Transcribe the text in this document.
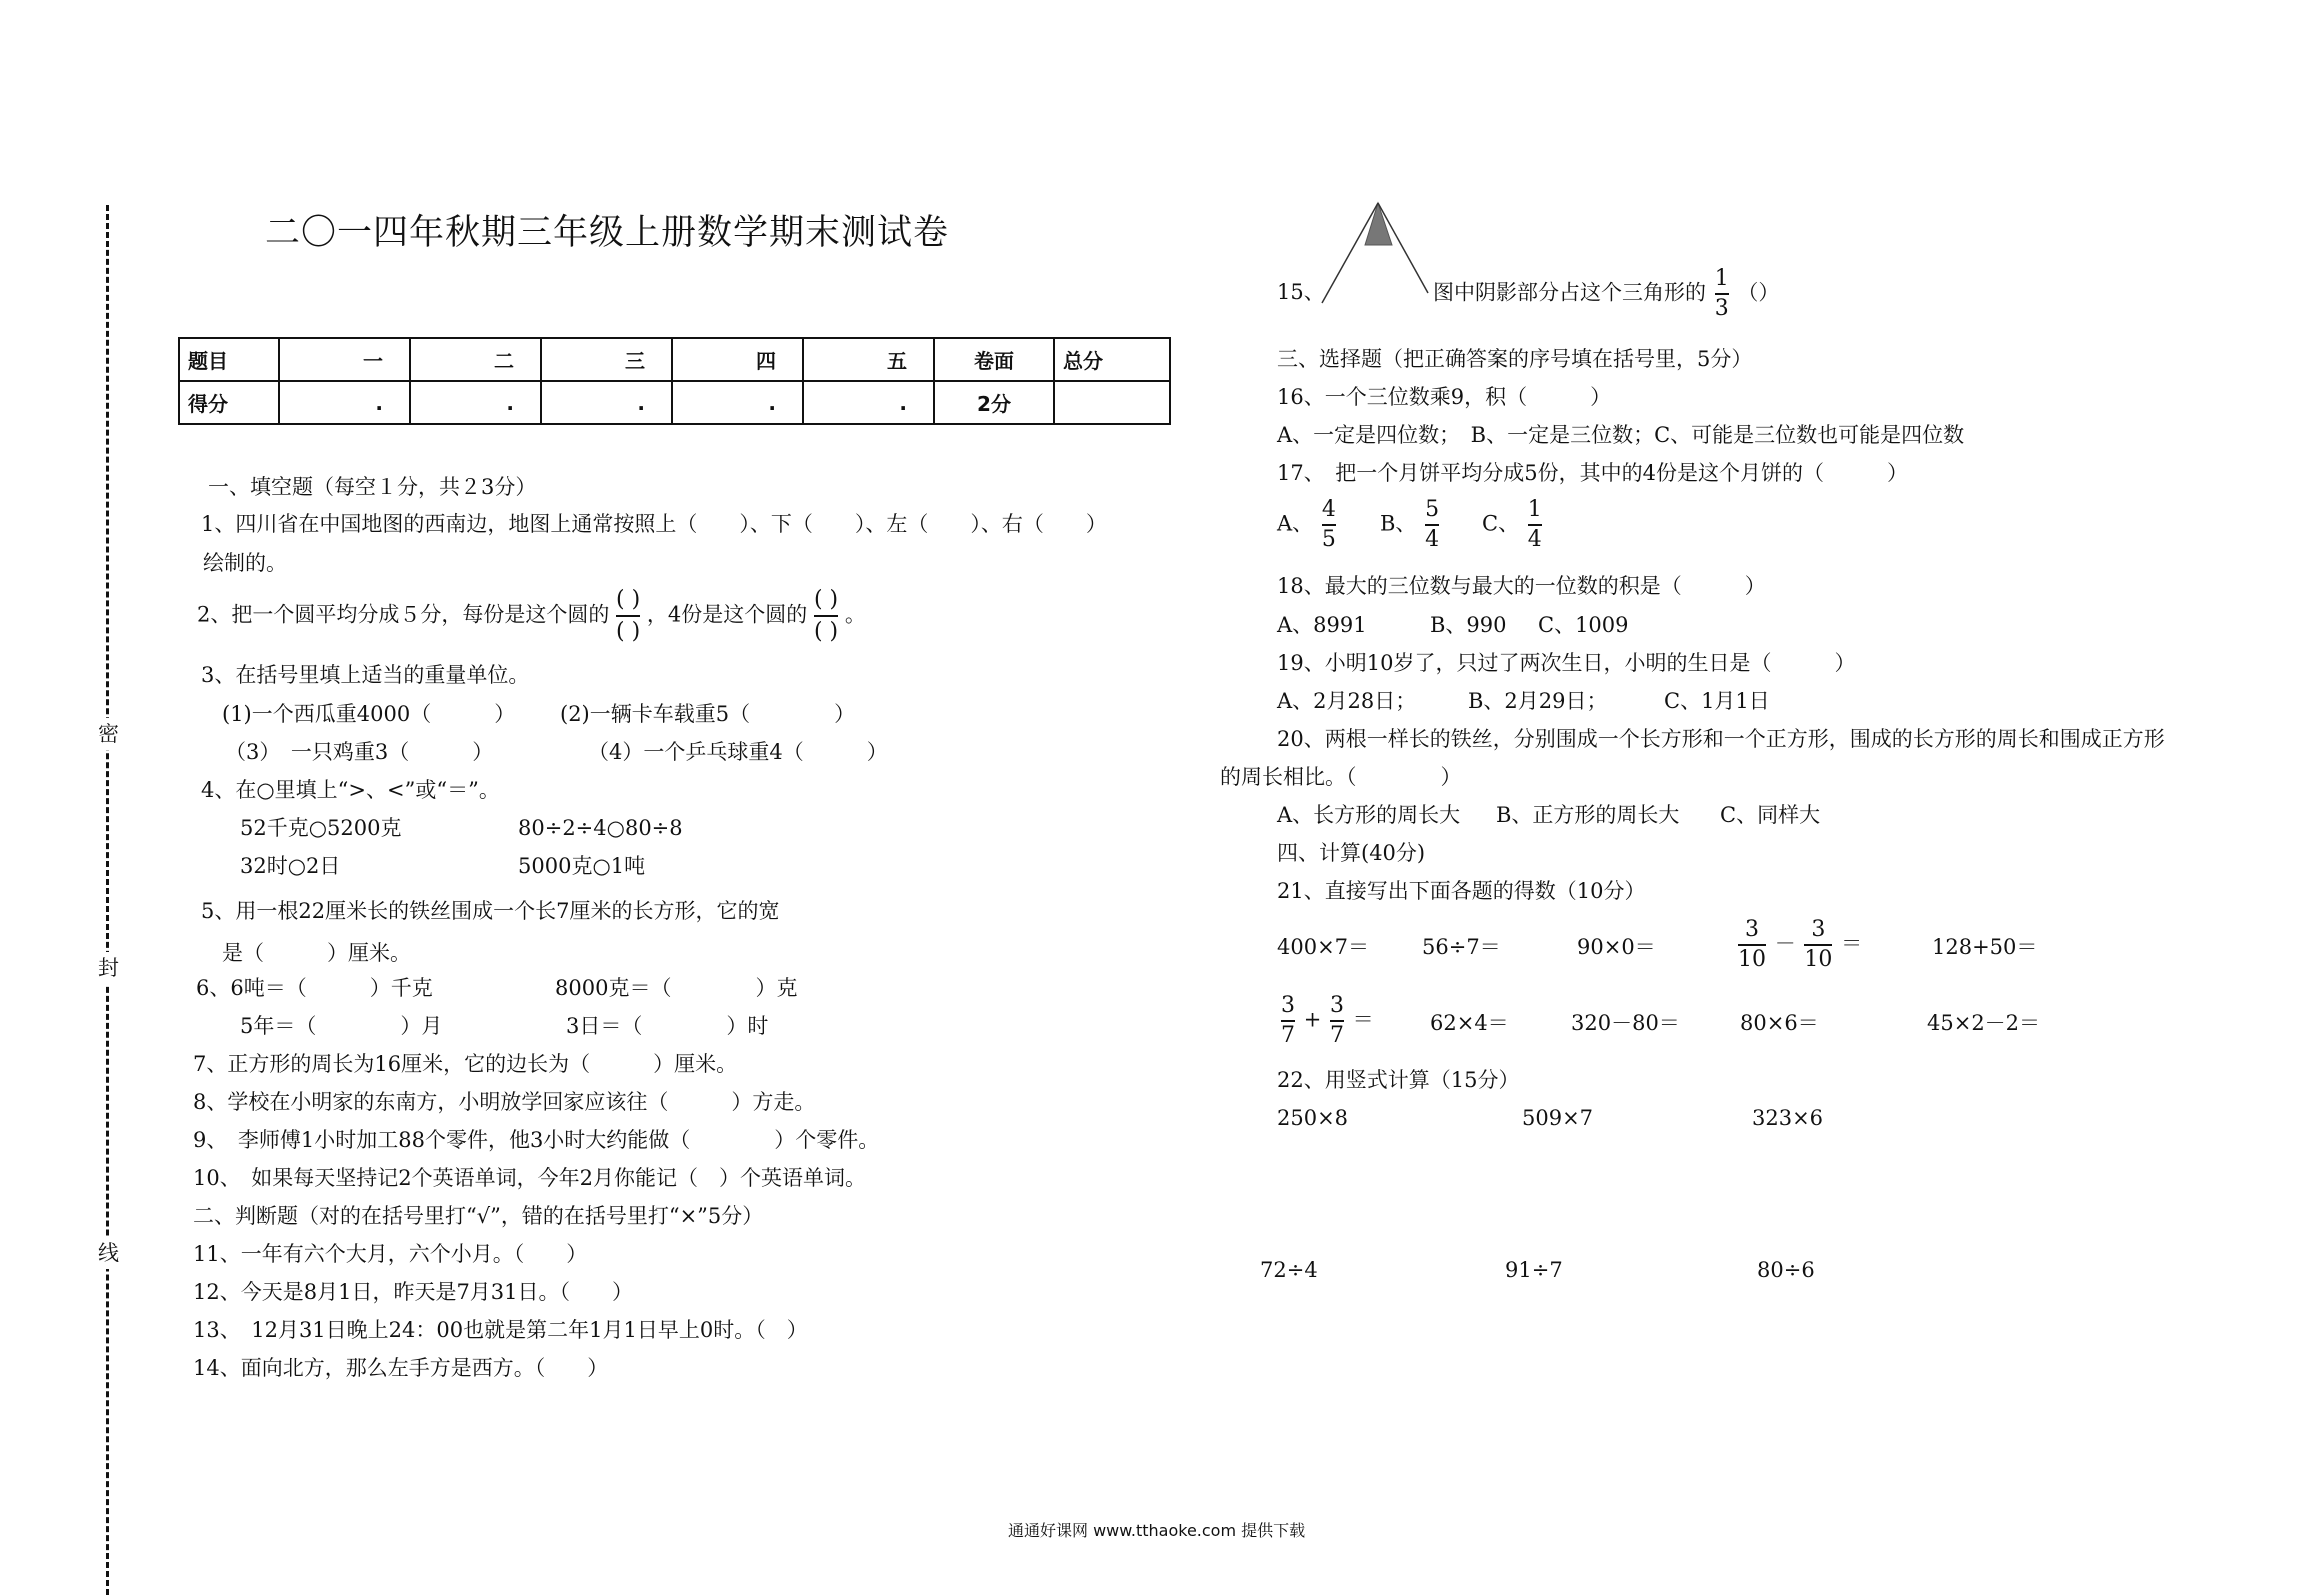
密
封
线
二〇一四年秋期三年级上册数学期末测试卷
题目	一	二	三	四	五	卷面	总分
得分	.	.	.	.	.	2分	
一、填空题（每空１分，共２3分）
1、四川省在中国地图的西南边，地图上通常按照上（　　）、下（　　）、左（　　）、右（　　）
绘制的。
2、把一个圆平均分成５分，每份是这个圆的
( )
( )
，4份是这个圆的
( )
( )
。
3、在括号里填上适当的重量单位。
(1)一个西瓜重4000（　　　） (2)一辆卡车载重5（　　　　）
（3）　一只鸡重3（　　　）	（4）一个乒乓球重4（　　　）
4、在○里填上“>、<”或“＝”。
52千克○5200克	80÷2÷4○80÷8
32时○2日	5000克○1吨
5、用一根22厘米长的铁丝围成一个长7厘米的长方形，它的宽
是（　　　）厘米。
6、6吨＝（　　　）千克	8000克＝（　　　　）克
5年＝（　　　　）月	3日＝（　　　　）时
7、正方形的周长为16厘米，它的边长为（　　　）厘米。
8、学校在小明家的东南方，小明放学回家应该往（　　　）方走。
9、　李师傅1小时加工88个零件，他3小时大约能做（　　　　）个零件。
10、　如果每天坚持记2个英语单词，今年2月你能记（　）个英语单词。
二、判断题（对的在括号里打“√”，错的在括号里打“×”5分）
11、一年有六个大月，六个小月。（　　）
12、今天是8月1日，昨天是7月31日。（　　）
13、　12月31日晚上24：00也就是第二年1月1日早上0时。（　）
14、面向北方，那么左手方是西方。（　　）
15、	图中阴影部分占这个三角形的 $\frac{1}{3}$ （）
三、选择题（把正确答案的序号填在括号里，5分）
16、一个三位数乘9，积（　　　）
A、一定是四位数；　B、一定是三位数；C、可能是三位数也可能是四位数
17、　把一个月饼平均分成5份，其中的4份是这个月饼的（　　　）
A、 $\frac{4}{5}$ B、 $\frac{5}{4}$ C、 $\frac{1}{4}$
18、最大的三位数与最大的一位数的积是（　　　）
A、8991	B、990 C、1009
19、小明10岁了，只过了两次生日，小明的生日是（　　　）
A、2月28日； B、2月29日；	C、1月1日
20、两根一样长的铁丝，分别围成一个长方形和一个正方形，围成的长方形的周长和围成正方形
的周长相比。（　　　　）
A、长方形的周长大 B、正方形的周长大 C、同样大
四、计算(40分)
21、直接写出下面各题的得数（10分）
400×7＝	56÷7＝	90×0＝	$\frac{3}{10} - \frac{3}{10}$ ＝	128+50＝
$\frac{3}{7} + \frac{3}{7}$ ＝	62×4＝	320－80＝	80×6＝	45×2－2＝
22、用竖式计算（15分）
250×8	509×7	323×6
72÷4	91÷7	80÷6
通通好课网 www.tthaoke.com 提供下载
